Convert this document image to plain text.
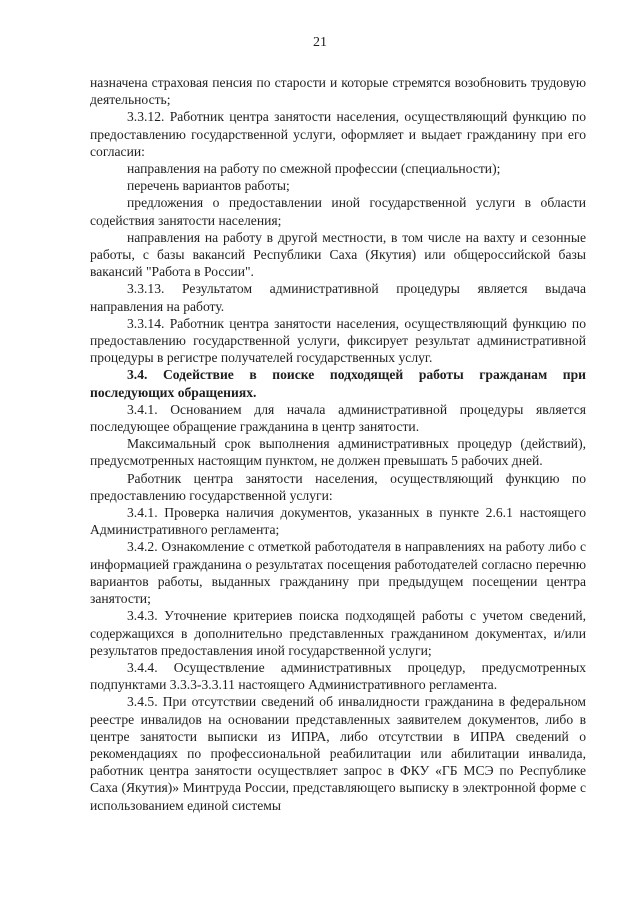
21

назначена страховая пенсия по старости и которые стремятся возобновить трудовую деятельность;

3.3.12. Работник центра занятости населения, осуществляющий функцию по предоставлению государственной услуги, оформляет и выдает гражданину при его согласии:

направления на работу по смежной профессии (специальности);

перечень вариантов работы;

предложения о предоставлении иной государственной услуги в области содействия занятости населения;

направления на работу в другой местности, в том числе на вахту и сезонные работы, с базы вакансий Республики Саха (Якутия) или общероссийской базы вакансий "Работа в России".

3.3.13. Результатом административной процедуры является выдача направления на работу.

3.3.14. Работник центра занятости населения, осуществляющий функцию по предоставлению государственной услуги, фиксирует результат административной процедуры в регистре получателей государственных услуг.

3.4. Содействие в поиске подходящей работы гражданам при последующих обращениях.

3.4.1. Основанием для начала административной процедуры является последующее обращение гражданина в центр занятости.

Максимальный срок выполнения административных процедур (действий), предусмотренных настоящим пунктом, не должен превышать 5 рабочих дней.

Работник центра занятости населения, осуществляющий функцию по предоставлению государственной услуги:

3.4.1. Проверка наличия документов, указанных в пункте 2.6.1 настоящего Административного регламента;

3.4.2. Ознакомление с отметкой работодателя в направлениях на работу либо с информацией гражданина о результатах посещения работодателей согласно перечню вариантов работы, выданных гражданину при предыдущем посещении центра занятости;

3.4.3. Уточнение критериев поиска подходящей работы с учетом сведений, содержащихся в дополнительно представленных гражданином документах, и/или результатов предоставления иной государственной услуги;

3.4.4. Осуществление административных процедур, предусмотренных подпунктами 3.3.3-3.3.11 настоящего Административного регламента.

3.4.5. При отсутствии сведений об инвалидности гражданина в федеральном реестре инвалидов на основании представленных заявителем документов, либо в центре занятости выписки из ИПРА, либо отсутствии в ИПРА сведений о рекомендациях по профессиональной реабилитации или абилитации инвалида, работник центра занятости осуществляет запрос в ФКУ «ГБ МСЭ по Республике Саха (Якутия)» Минтруда России, представляющего выписку в электронной форме с использованием единой системы
